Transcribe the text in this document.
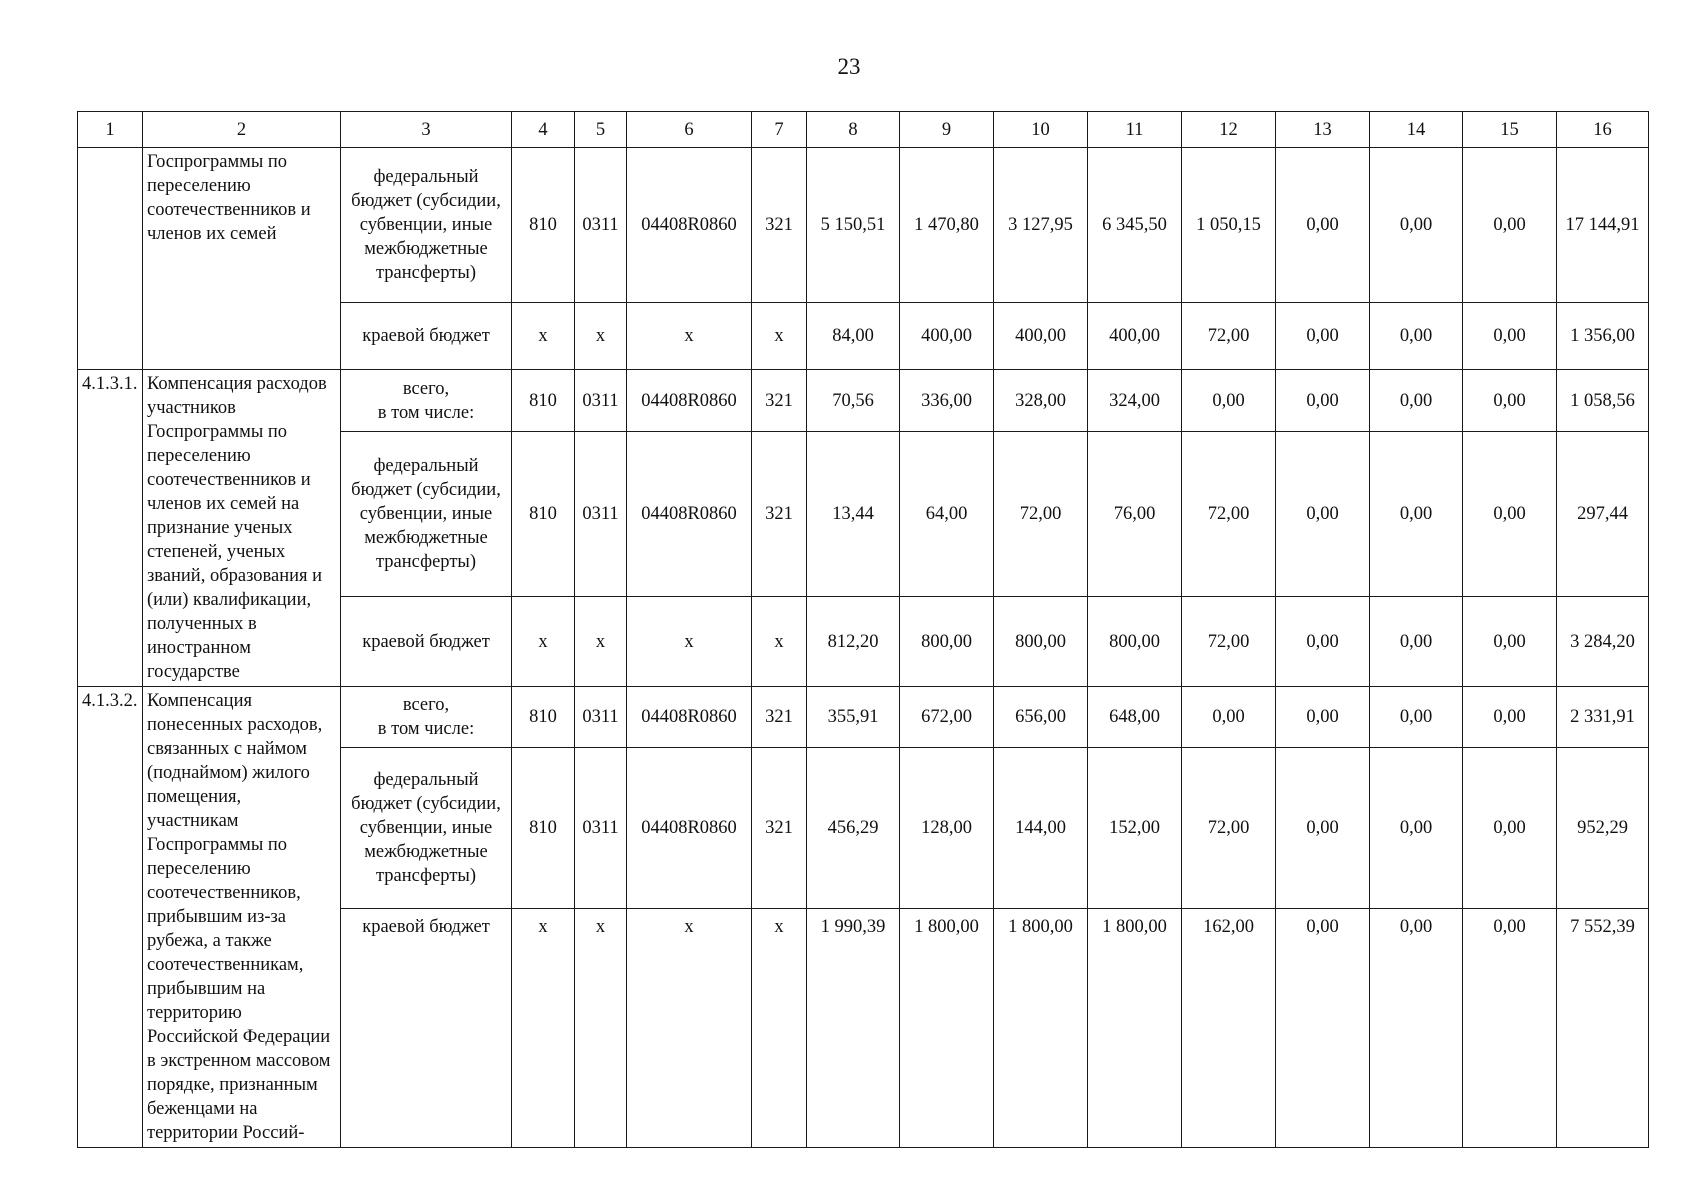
23
1	2	3	4	5	6	7	8	9	10	11	12	13	14	15	16
	Госпрограммы по переселению соотечественников и членов их семей	федеральный бюджет (субсидии, субвенции, иные межбюджетные трансферты)	810	0311	04408R0860	321	5 150,51	1 470,80	3 127,95	6 345,50	1 050,15	0,00	0,00	0,00	17 144,91
		краевой бюджет	x	x	x	x	84,00	400,00	400,00	400,00	72,00	0,00	0,00	0,00	1 356,00
4.1.3.1.	Компенсация расходов участников Госпрограммы по переселению соотечественников и членов их семей на признание ученых степеней, ученых званий, образования и (или) квалификации, полученных в иностранном государстве	всего,
в том числе:	810	0311	04408R0860	321	70,56	336,00	328,00	324,00	0,00	0,00	0,00	0,00	1 058,56
		федеральный бюджет (субсидии, субвенции, иные межбюджетные трансферты)	810	0311	04408R0860	321	13,44	64,00	72,00	76,00	72,00	0,00	0,00	0,00	297,44
		краевой бюджет	x	x	x	x	812,20	800,00	800,00	800,00	72,00	0,00	0,00	0,00	3 284,20
4.1.3.2.	Компенсация понесенных расходов, связанных с наймом (поднаймом) жилого помещения, участникам Госпрограммы по переселению соотечественников, прибывшим из-за рубежа, а также соотечественникам, прибывшим на территорию Российской Федерации в экстренном массовом порядке, признанным беженцами на территории Россий-	всего,
в том числе:	810	0311	04408R0860	321	355,91	672,00	656,00	648,00	0,00	0,00	0,00	0,00	2 331,91
		федеральный бюджет (субсидии, субвенции, иные межбюджетные трансферты)	810	0311	04408R0860	321	456,29	128,00	144,00	152,00	72,00	0,00	0,00	0,00	952,29
		краевой бюджет	x	x	x	x	1 990,39	1 800,00	1 800,00	1 800,00	162,00	0,00	0,00	0,00	7 552,39
